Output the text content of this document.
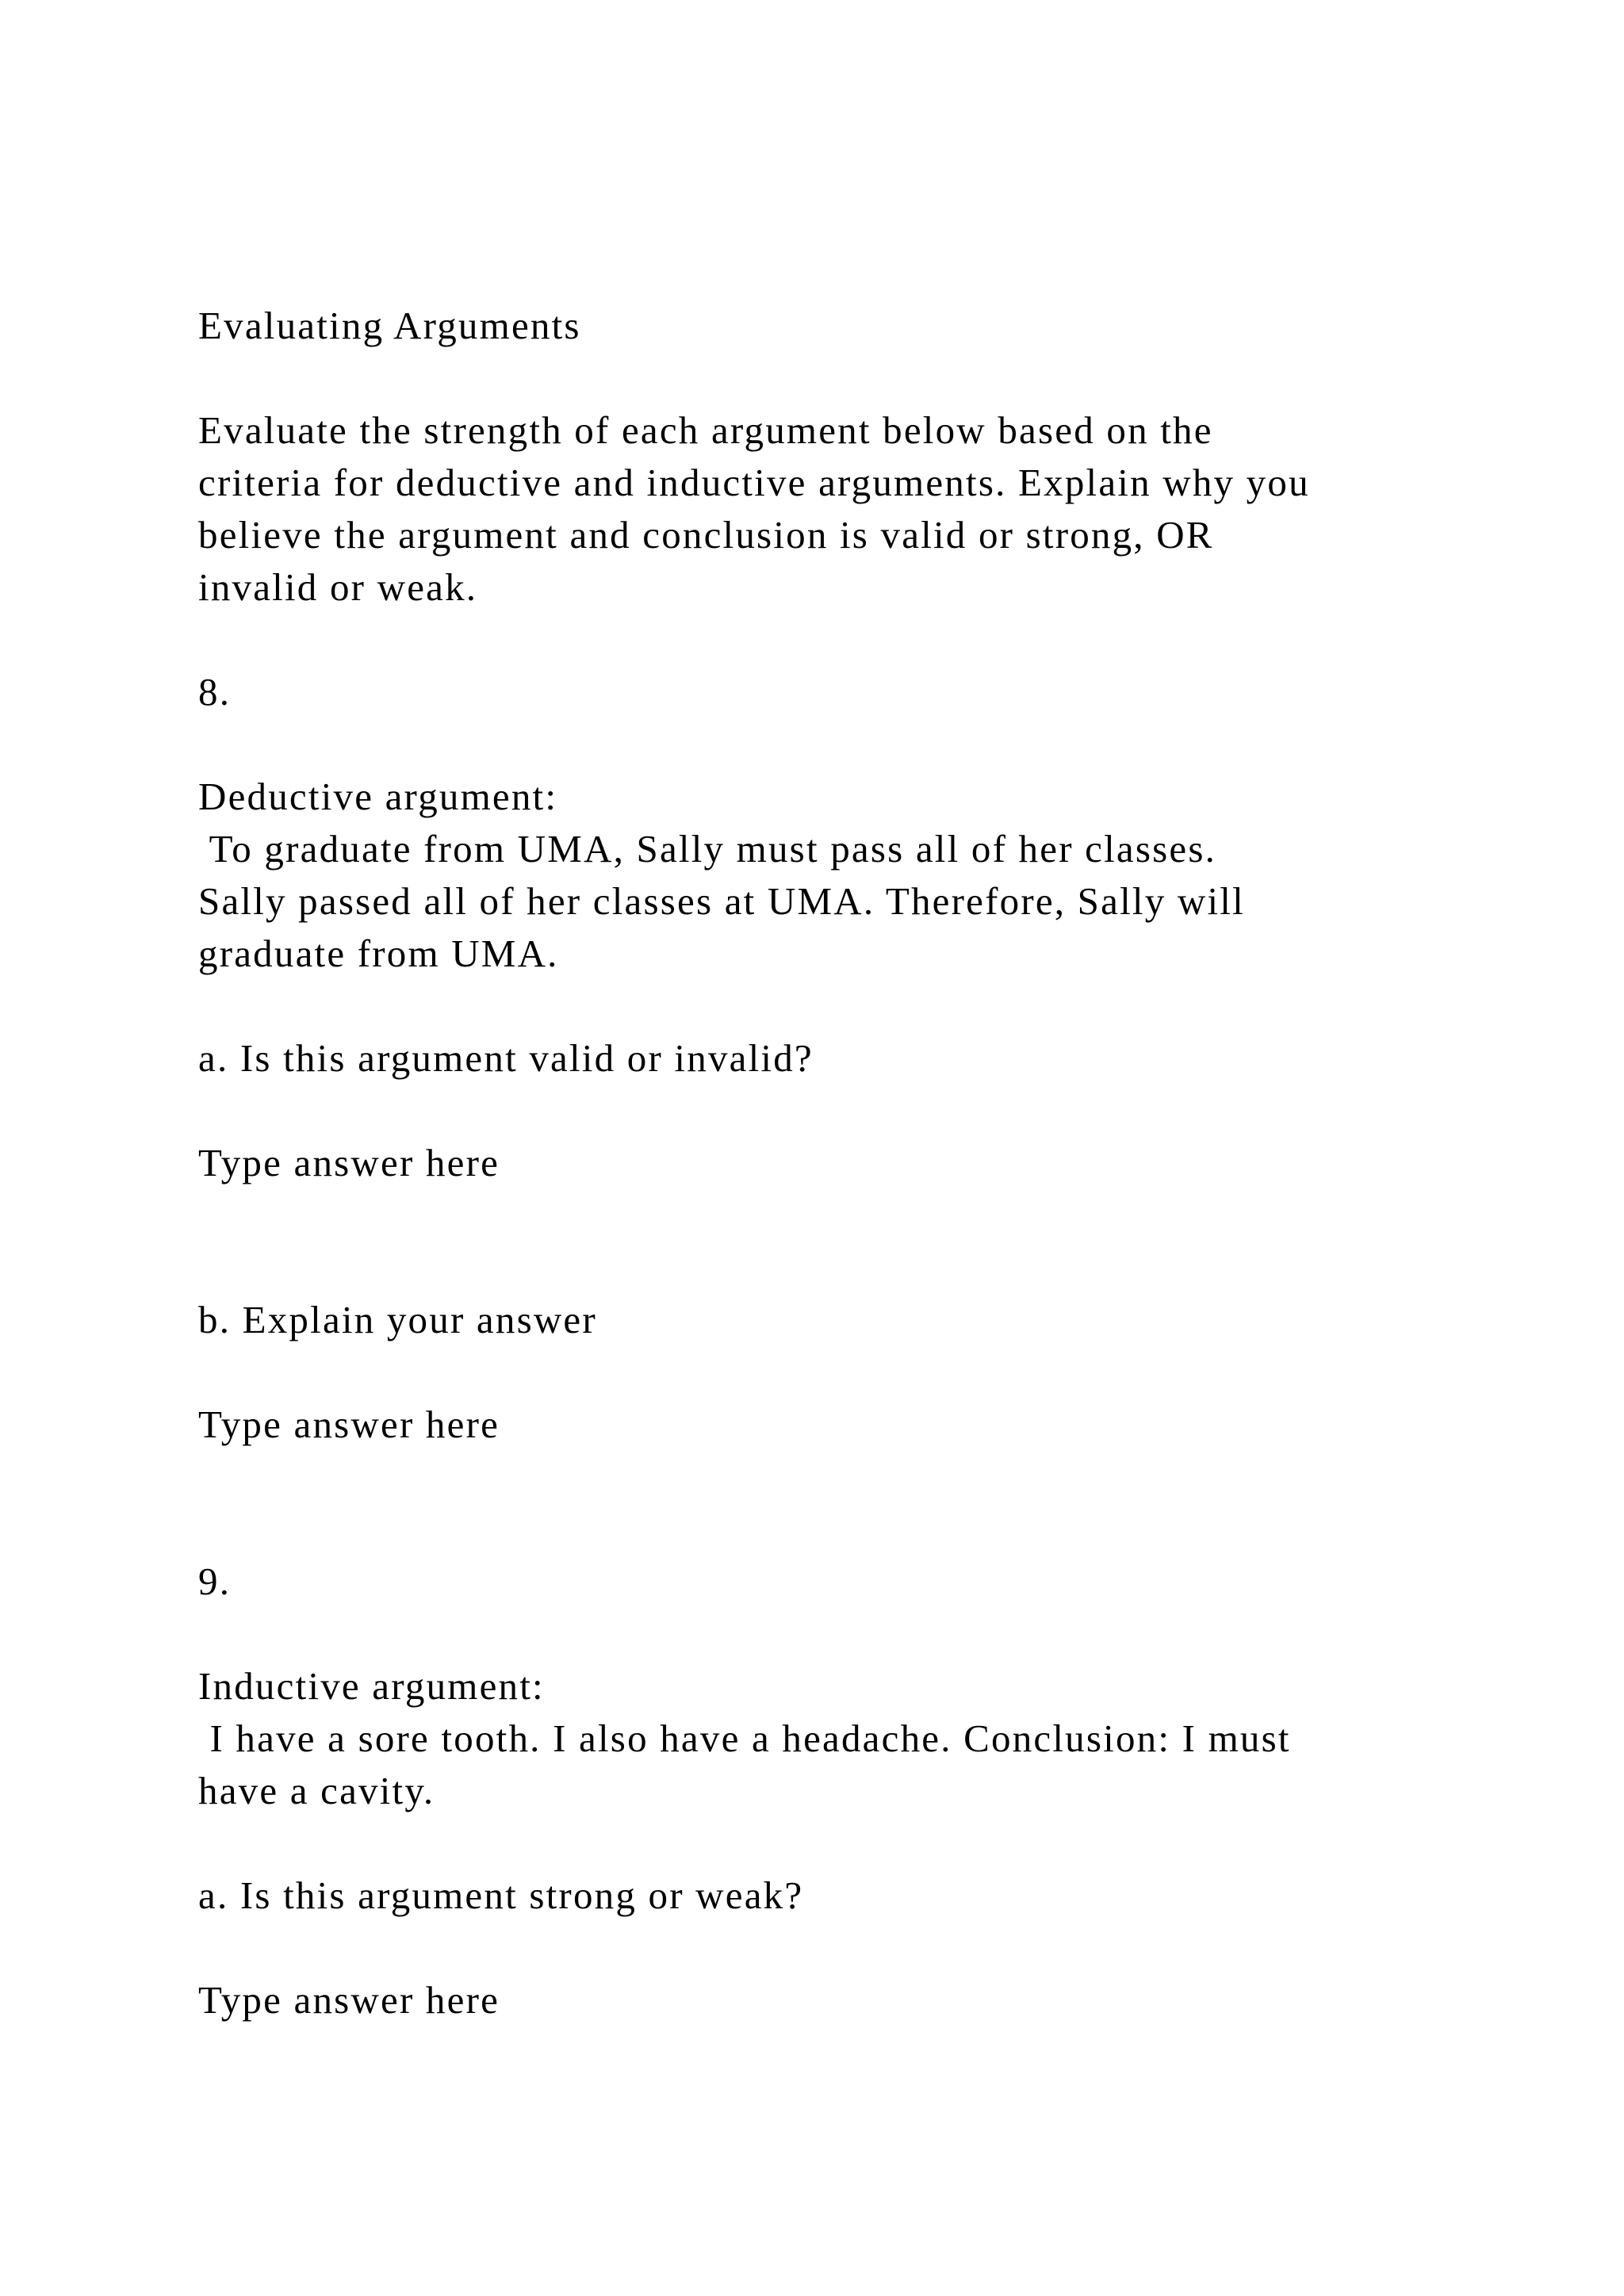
Evaluating Arguments

Evaluate the strength of each argument below based on the

criteria for deductive and inductive arguments. Explain why you

believe the argument and conclusion is valid or strong, OR

invalid or weak.

8.

Deductive argument:

To graduate from UMA, Sally must pass all of her classes.

Sally passed all of her classes at UMA. Therefore, Sally will

graduate from UMA.

a. Is this argument valid or invalid?

Type answer here

b. Explain your answer

Type answer here

9.

Inductive argument:

I have a sore tooth. I also have a headache. Conclusion: I must

have a cavity.

a. Is this argument strong or weak?

Type answer here
